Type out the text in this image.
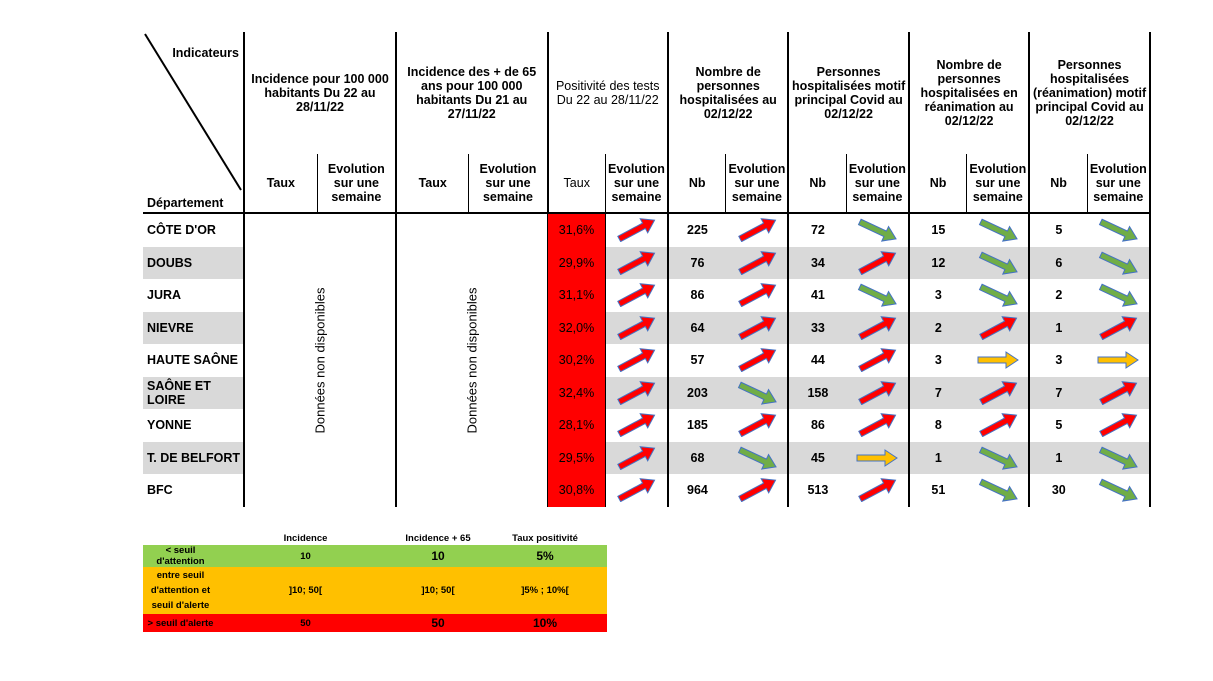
Indicateurs
Département	Incidence pour 100 000 habitants Du 22 au 28/11/22		Incidence des + de 65 ans pour 100 000 habitants Du 21 au 27/11/22		Positivité des tests Du 22 au 28/11/22		Nombre de personnes hospitalisées au 02/12/22		Personnes hospitalisées motif principal Covid au 02/12/22		Nombre de personnes hospitalisées en réanimation au 02/12/22		Personnes hospitalisées (réanimation) motif principal Covid au 02/12/22	
	Taux	Evolution sur une semaine	Taux	Evolution sur une semaine	Taux	Evolution sur une semaine	Nb	Evolution sur une semaine	Nb	Evolution sur une semaine	Nb	Evolution sur une semaine	Nb	Evolution sur une semaine
CÔTE D'OR	Données non disponibles		Données non disponibles		31,6%		225		72		15		5	

DOUBS					29,9%		76		34		12		6	

JURA					31,1%		86		41		3		2	

NIEVRE					32,0%		64		33		2		1	

HAUTE SAÔNE					30,2%		57		44		3		3	

SAÔNE ET LOIRE					32,4%		203		158		7		7	

YONNE					28,1%		185		86		8		5	

T. DE BELFORT					29,5%		68		45		1		1	

BFC					30,8%		964		513		51		30	
	Incidence	Incidence + 65	Taux positivité
< seuil d'attention	10	10	5%
entre seuil d'attention et seuil d'alerte	]10; 50[	]10; 50[	]5% ; 10%[
> seuil d'alerte	50	50	10%
